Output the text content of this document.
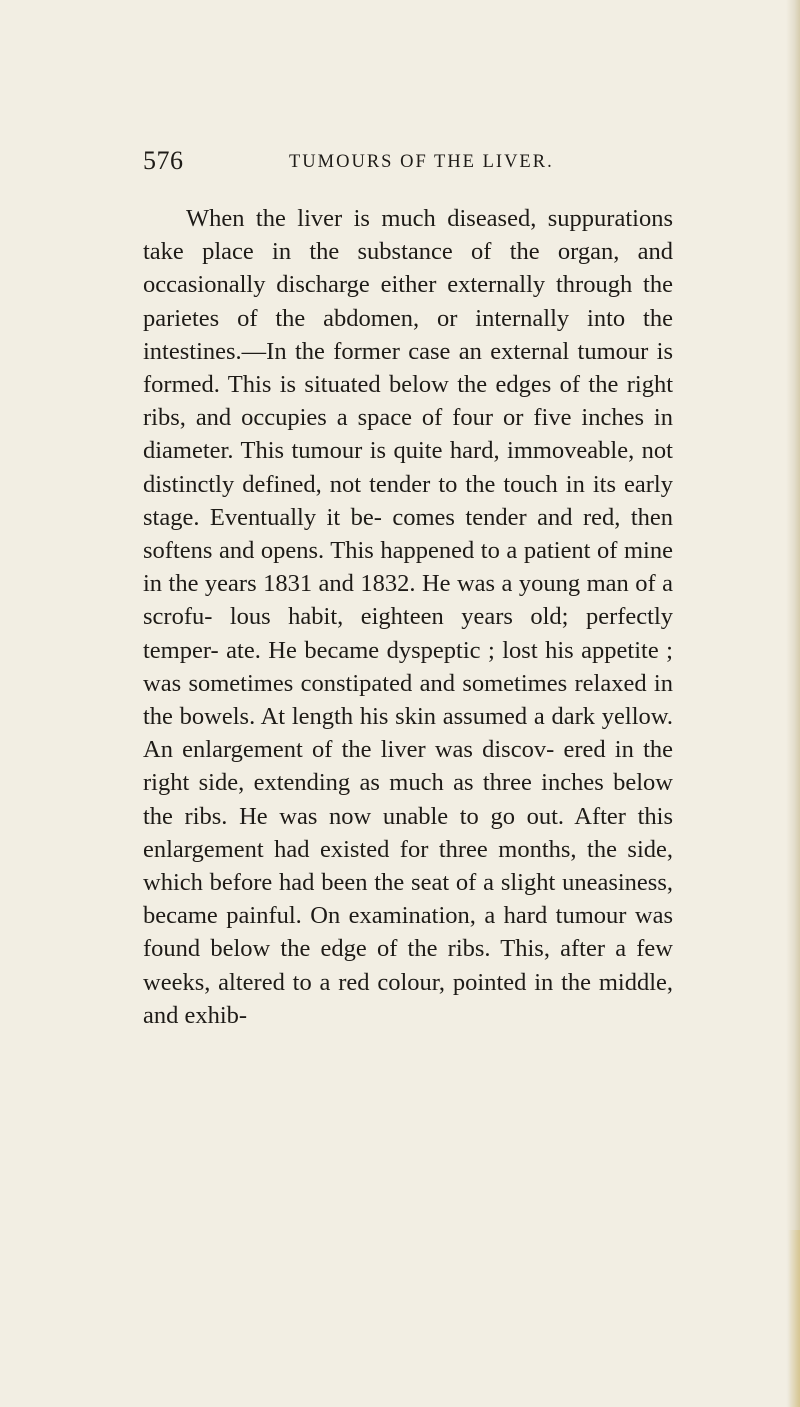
576	TUMOURS OF THE LIVER.

When the liver is much diseased, suppurations take place in the substance of the organ, and occasionally discharge either externally through the parietes of the abdomen, or internally into the intestines.—In the former case an external tumour is formed. This is situated below the edges of the right ribs, and occupies a space of four or five inches in diameter. This tumour is quite hard, immoveable, not distinctly defined, not tender to the touch in its early stage. Eventually it be- comes tender and red, then softens and opens. This happened to a patient of mine in the years 1831 and 1832. He was a young man of a scrofu- lous habit, eighteen years old; perfectly temper- ate. He became dyspeptic ; lost his appetite ; was sometimes constipated and sometimes relaxed in the bowels. At length his skin assumed a dark yellow. An enlargement of the liver was discov- ered in the right side, extending as much as three inches below the ribs. He was now unable to go out. After this enlargement had existed for three months, the side, which before had been the seat of a slight uneasiness, became painful. On examination, a hard tumour was found below the edge of the ribs. This, after a few weeks, altered to a red colour, pointed in the middle, and exhib-
